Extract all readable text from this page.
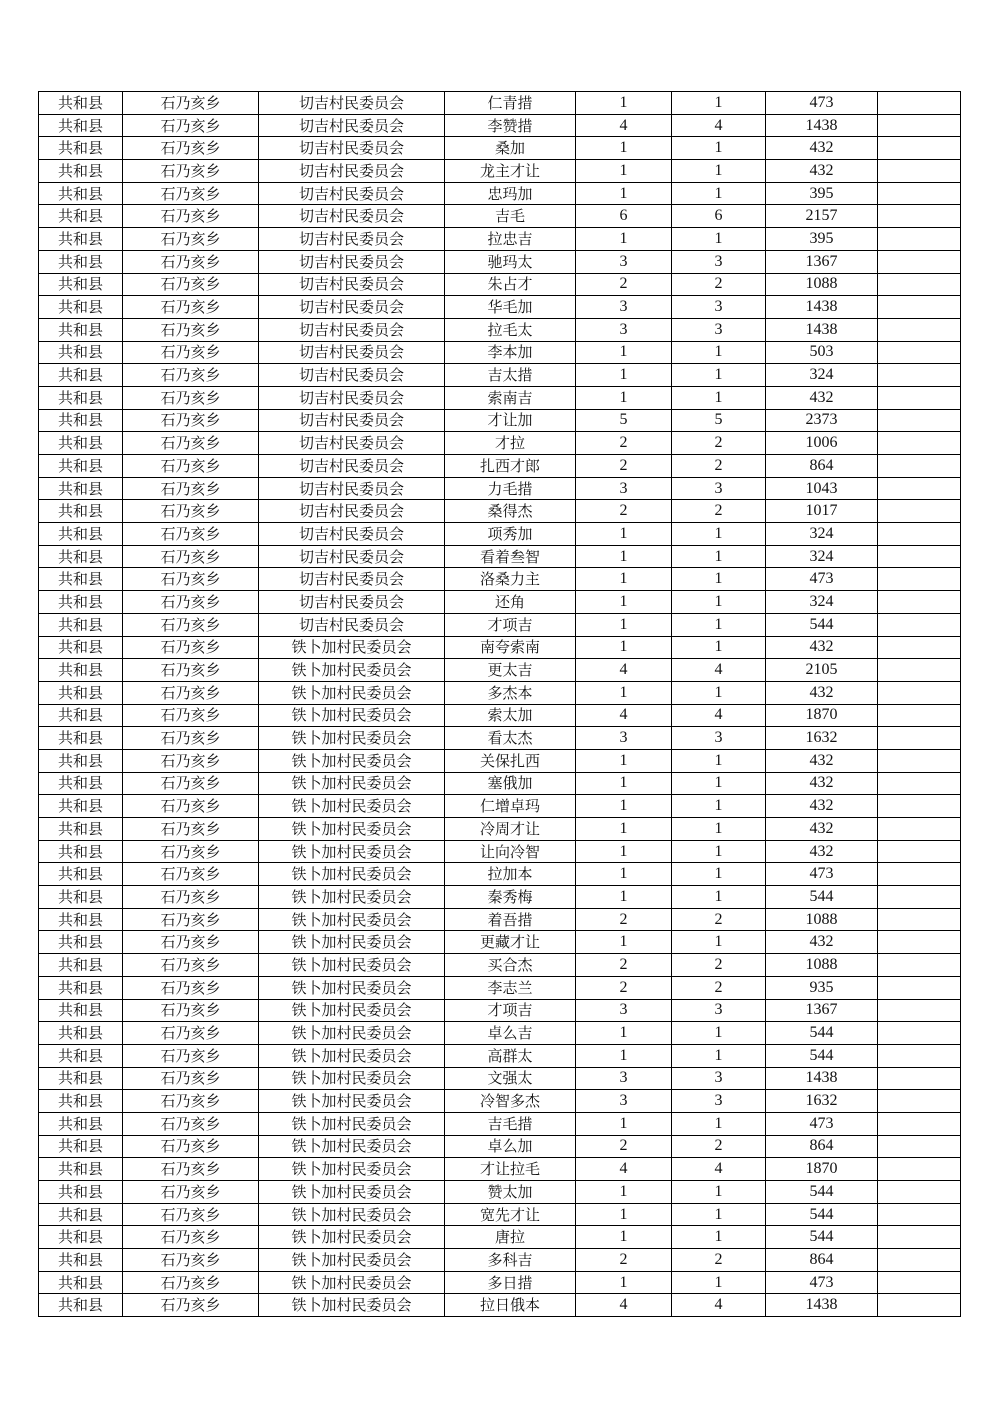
共和县	石乃亥乡	切吉村民委员会	仁青措	1	1	473	
共和县	石乃亥乡	切吉村民委员会	李赞措	4	4	1438	
共和县	石乃亥乡	切吉村民委员会	桑加	1	1	432	
共和县	石乃亥乡	切吉村民委员会	龙主才让	1	1	432	
共和县	石乃亥乡	切吉村民委员会	忠玛加	1	1	395	
共和县	石乃亥乡	切吉村民委员会	吉毛	6	6	2157	
共和县	石乃亥乡	切吉村民委员会	拉忠吉	1	1	395	
共和县	石乃亥乡	切吉村民委员会	驰玛太	3	3	1367	
共和县	石乃亥乡	切吉村民委员会	朱占才	2	2	1088	
共和县	石乃亥乡	切吉村民委员会	华毛加	3	3	1438	
共和县	石乃亥乡	切吉村民委员会	拉毛太	3	3	1438	
共和县	石乃亥乡	切吉村民委员会	李本加	1	1	503	
共和县	石乃亥乡	切吉村民委员会	吉太措	1	1	324	
共和县	石乃亥乡	切吉村民委员会	索南吉	1	1	432	
共和县	石乃亥乡	切吉村民委员会	才让加	5	5	2373	
共和县	石乃亥乡	切吉村民委员会	才拉	2	2	1006	
共和县	石乃亥乡	切吉村民委员会	扎西才郎	2	2	864	
共和县	石乃亥乡	切吉村民委员会	力毛措	3	3	1043	
共和县	石乃亥乡	切吉村民委员会	桑得杰	2	2	1017	
共和县	石乃亥乡	切吉村民委员会	项秀加	1	1	324	
共和县	石乃亥乡	切吉村民委员会	看着叁智	1	1	324	
共和县	石乃亥乡	切吉村民委员会	洛桑力主	1	1	473	
共和县	石乃亥乡	切吉村民委员会	还角	1	1	324	
共和县	石乃亥乡	切吉村民委员会	才项吉	1	1	544	
共和县	石乃亥乡	铁卜加村民委员会	南夸索南	1	1	432	
共和县	石乃亥乡	铁卜加村民委员会	更太吉	4	4	2105	
共和县	石乃亥乡	铁卜加村民委员会	多杰本	1	1	432	
共和县	石乃亥乡	铁卜加村民委员会	索太加	4	4	1870	
共和县	石乃亥乡	铁卜加村民委员会	看太杰	3	3	1632	
共和县	石乃亥乡	铁卜加村民委员会	关保扎西	1	1	432	
共和县	石乃亥乡	铁卜加村民委员会	塞俄加	1	1	432	
共和县	石乃亥乡	铁卜加村民委员会	仁增卓玛	1	1	432	
共和县	石乃亥乡	铁卜加村民委员会	冷周才让	1	1	432	
共和县	石乃亥乡	铁卜加村民委员会	让向冷智	1	1	432	
共和县	石乃亥乡	铁卜加村民委员会	拉加本	1	1	473	
共和县	石乃亥乡	铁卜加村民委员会	秦秀梅	1	1	544	
共和县	石乃亥乡	铁卜加村民委员会	着吾措	2	2	1088	
共和县	石乃亥乡	铁卜加村民委员会	更藏才让	1	1	432	
共和县	石乃亥乡	铁卜加村民委员会	买合杰	2	2	1088	
共和县	石乃亥乡	铁卜加村民委员会	李志兰	2	2	935	
共和县	石乃亥乡	铁卜加村民委员会	才项吉	3	3	1367	
共和县	石乃亥乡	铁卜加村民委员会	卓么吉	1	1	544	
共和县	石乃亥乡	铁卜加村民委员会	高群太	1	1	544	
共和县	石乃亥乡	铁卜加村民委员会	文强太	3	3	1438	
共和县	石乃亥乡	铁卜加村民委员会	冷智多杰	3	3	1632	
共和县	石乃亥乡	铁卜加村民委员会	吉毛措	1	1	473	
共和县	石乃亥乡	铁卜加村民委员会	卓么加	2	2	864	
共和县	石乃亥乡	铁卜加村民委员会	才让拉毛	4	4	1870	
共和县	石乃亥乡	铁卜加村民委员会	赞太加	1	1	544	
共和县	石乃亥乡	铁卜加村民委员会	宽先才让	1	1	544	
共和县	石乃亥乡	铁卜加村民委员会	唐拉	1	1	544	
共和县	石乃亥乡	铁卜加村民委员会	多科吉	2	2	864	
共和县	石乃亥乡	铁卜加村民委员会	多日措	1	1	473	
共和县	石乃亥乡	铁卜加村民委员会	拉日俄本	4	4	1438	
